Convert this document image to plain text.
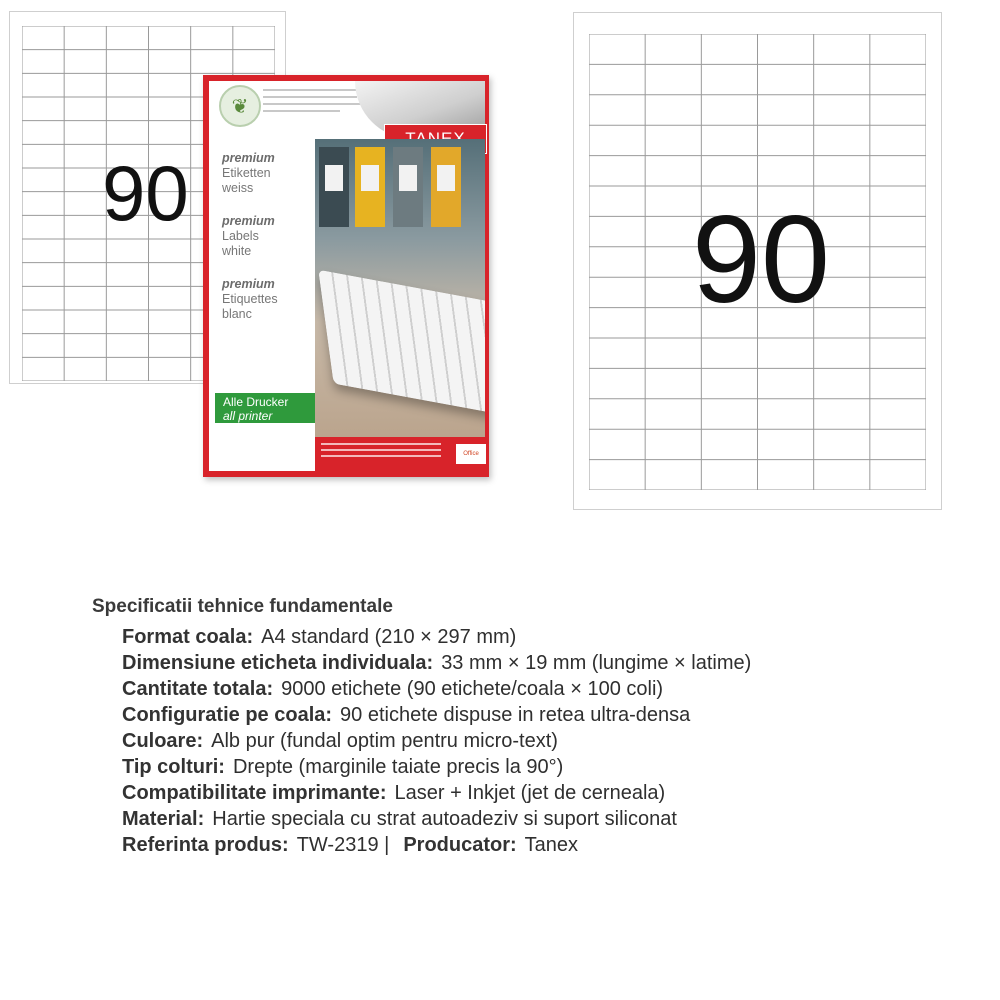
90	90
❦
premium
Etiketten
weiss
premium
Labels
white
premium
Etiquettes
blanc
Alle Drucker
all printer
Office
Specificatii tehnice fundamentale
Format coala: A4 standard (210 × 297 mm)
Dimensiune eticheta individuala: 33 mm × 19 mm (lungime × latime)
Cantitate totala: 9000 etichete (90 etichete/coala × 100 coli)
Configuratie pe coala: 90 etichete dispuse in retea ultra-densa
Culoare: Alb pur (fundal optim pentru micro-text)
Tip colturi: Drepte (marginile taiate precis la 90°)
Compatibilitate imprimante: Laser + Inkjet (jet de cerneala)
Material: Hartie speciala cu strat autoadeziv si suport siliconat
Referinta produs: TW-2319 | Producator: Tanex
